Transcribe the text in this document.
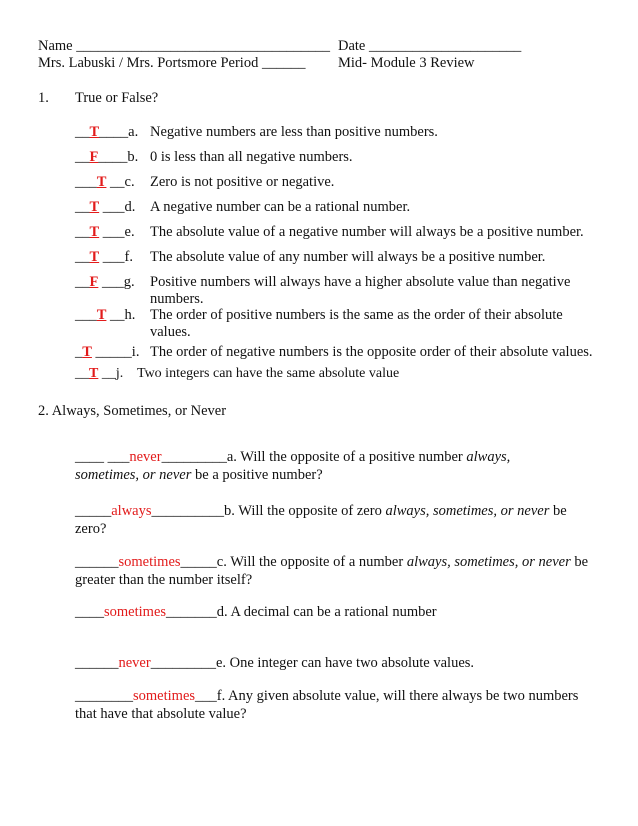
Name ___________________________________ Date _____________________
Mrs. Labuski / Mrs. Portsmore Period ______ Mid- Module 3 Review
1. True or False?
__T____a. Negative numbers are less than positive numbers.
__F____b. 0 is less than all negative numbers.
___T __c. Zero is not positive or negative.
__T ___d. A negative number can be a rational number.
__T ___e. The absolute value of a negative number will always be a positive number.
__T ___f. The absolute value of any number will always be a positive number.
__F ___g. Positive numbers will always have a higher absolute value than negative
numbers.
___T __h. The order of positive numbers is the same as the order of their absolute
values.
_T _____i. The order of negative numbers is the opposite order of their absolute values.
__T __j. Two integers can have the same absolute value
2. Always, Sometimes, or Never
____ ___never_________a. Will the opposite of a positive number always,
sometimes, or never be a positive number?
_____always__________b. Will the opposite of zero always, sometimes, or never be
zero?
______sometimes_____c. Will the opposite of a number always, sometimes, or never be
greater than the number itself?
____sometimes_______d. A decimal can be a rational number
______never_________e. One integer can have two absolute values.
________sometimes___f. Any given absolute value, will there always be two numbers
that have that absolute value?
